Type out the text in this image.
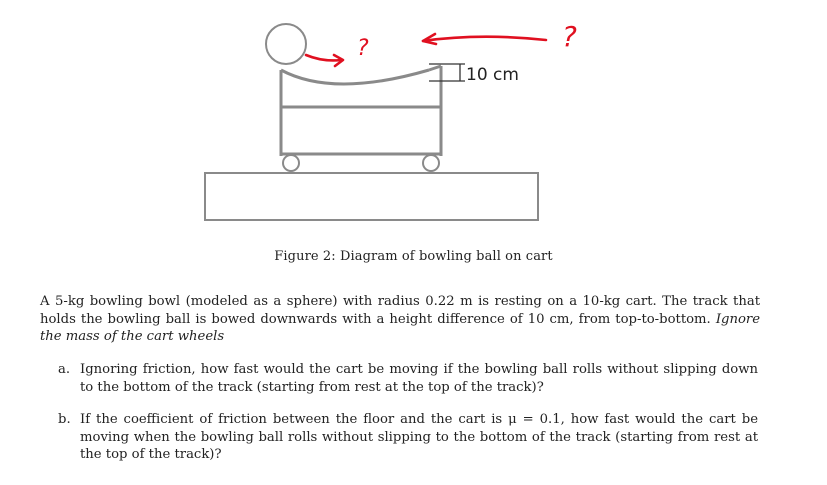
10 cm
?	?
Figure 2: Diagram of bowling ball on cart
A 5-kg bowling bowl (modeled as a sphere) with radius 0.22 m is resting on a 10-kg cart. The track that holds the bowling ball is bowed downwards with a height difference of 10 cm, from top-to-bottom. Ignore the mass of the cart wheels
a. Ignoring friction, how fast would the cart be moving if the bowling ball rolls without slipping down to the bottom of the track (starting from rest at the top of the track)?
b. If the coefficient of friction between the floor and the cart is μ = 0.1, how fast would the cart be moving when the bowling ball rolls without slipping to the bottom of the track (starting from rest at the top of the track)?
